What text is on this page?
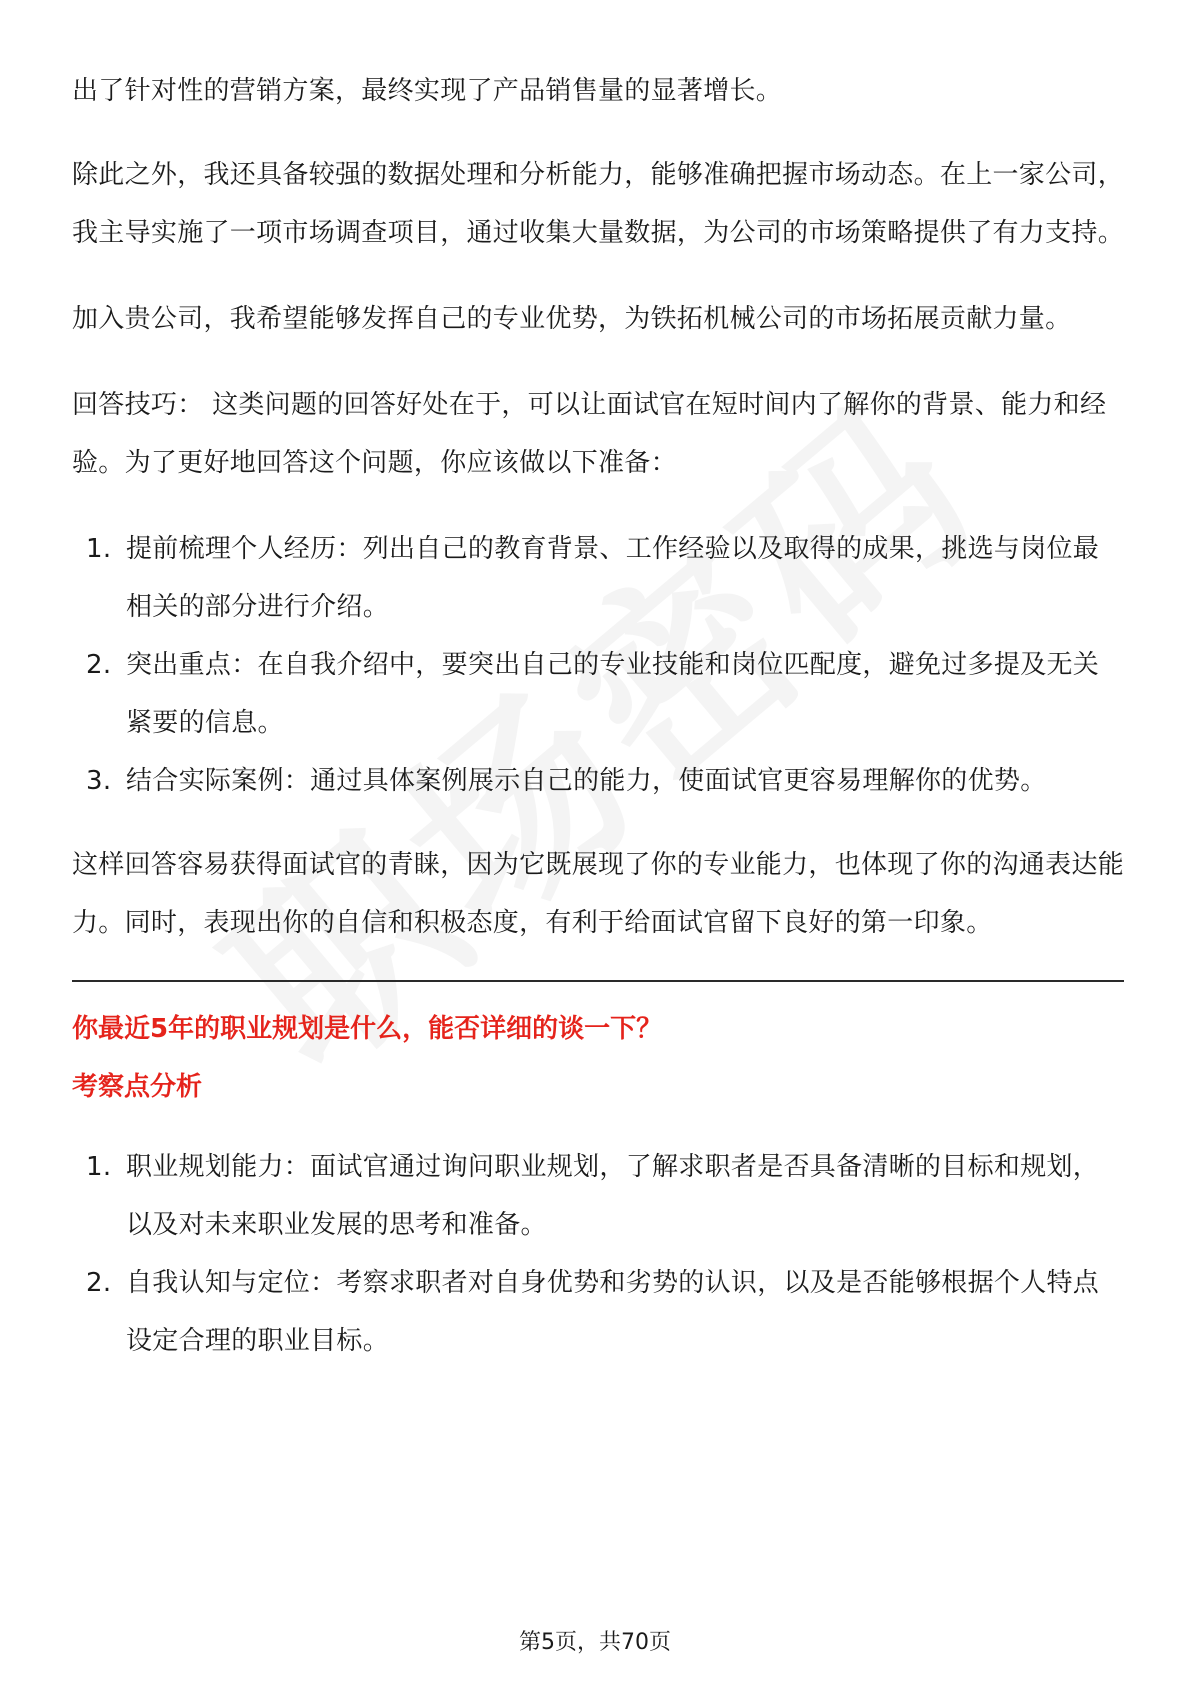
出了针对性的营销方案，最终实现了产品销售量的显著增长。

除此之外，我还具备较强的数据处理和分析能力，能够准确把握市场动态。在上一家公司，我主导实施了一项市场调查项目，通过收集大量数据，为公司的市场策略提供了有力支持。

加入贵公司，我希望能够发挥自己的专业优势，为铁拓机械公司的市场拓展贡献力量。

回答技巧： 这类问题的回答好处在于，可以让面试官在短时间内了解你的背景、能力和经验。为了更好地回答这个问题，你应该做以下准备：

1. 提前梳理个人经历：列出自己的教育背景、工作经验以及取得的成果，挑选与岗位最相关的部分进行介绍。
2. 突出重点：在自我介绍中，要突出自己的专业技能和岗位匹配度，避免过多提及无关紧要的信息。
3. 结合实际案例：通过具体案例展示自己的能力，使面试官更容易理解你的优势。

这样回答容易获得面试官的青睐，因为它既展现了你的专业能力，也体现了你的沟通表达能力。同时，表现出你的自信和积极态度，有利于给面试官留下良好的第一印象。

你最近5年的职业规划是什么，能否详细的谈一下？

考察点分析

1. 职业规划能力：面试官通过询问职业规划，了解求职者是否具备清晰的目标和规划，以及对未来职业发展的思考和准备。
2. 自我认知与定位：考察求职者对自身优势和劣势的认识，以及是否能够根据个人特点设定合理的职业目标。
第5页，共70页
